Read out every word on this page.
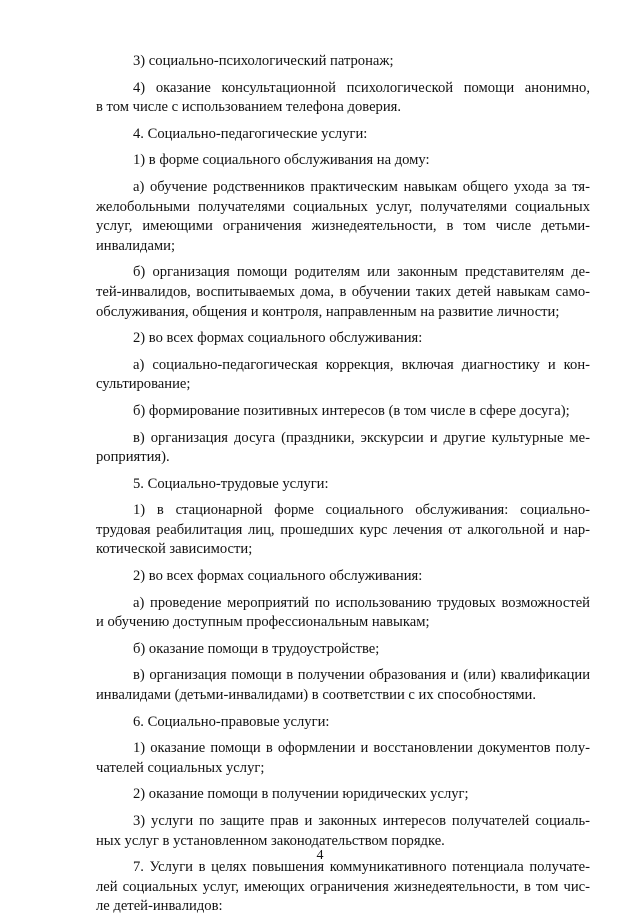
3) социально-психологический патронаж;
4) оказание консультационной психологической помощи анонимно,
в том числе с использованием телефона доверия.
4. Социально-педагогические услуги:
1) в форме социального обслуживания на дому:
а) обучение родственников практическим навыкам общего ухода за тя-
желобольными получателями социальных услуг, получателями социальных
услуг, имеющими ограничения жизнедеятельности, в том числе детьми-
инвалидами;
б) организация помощи родителям или законным представителям де-
тей-инвалидов, воспитываемых дома, в обучении таких детей навыкам само-
обслуживания, общения и контроля, направленным на развитие личности;
2) во всех формах социального обслуживания:
а) социально-педагогическая коррекция, включая диагностику и кон-
сультирование;
б) формирование позитивных интересов (в том числе в сфере досуга);
в) организация досуга (праздники, экскурсии и другие культурные ме-
роприятия).
5. Социально-трудовые услуги:
1) в стационарной форме социального обслуживания: социально-
трудовая реабилитация лиц, прошедших курс лечения от алкогольной и нар-
котической зависимости;
2) во всех формах социального обслуживания:
а) проведение мероприятий по использованию трудовых возможностей
и обучению доступным профессиональным навыкам;
б) оказание помощи в трудоустройстве;
в) организация помощи в получении образования и (или) квалификации
инвалидами (детьми-инвалидами) в соответствии с их способностями.
6. Социально-правовые услуги:
1) оказание помощи в оформлении и восстановлении документов полу-
чателей социальных услуг;
2) оказание помощи в получении юридических услуг;
3) услуги по защите прав и законных интересов получателей социаль-
ных услуг в установленном законодательством порядке.
7. Услуги в целях повышения коммуникативного потенциала получате-
лей социальных услуг, имеющих ограничения жизнедеятельности, в том чис-
ле детей-инвалидов:
4
